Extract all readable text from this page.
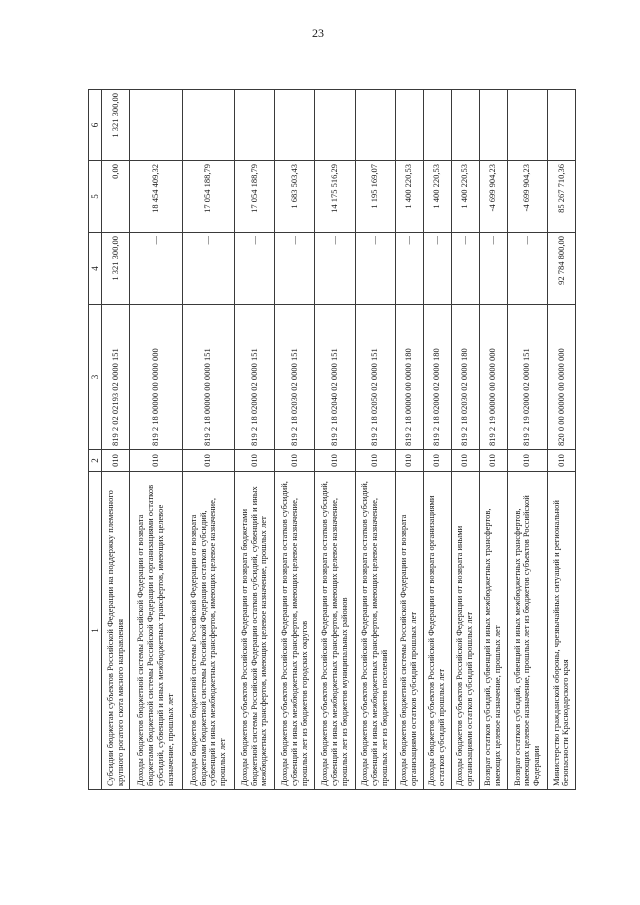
23
1	2	3	4	5	6
Субсидии бюджетам субъектов Российской Федерации на поддержку племенного крупного рогатого скота мясного направления	010	819 2 02 02193 02 0000 151	1 321 300,00	0,00	1 321 300,00
Доходы бюджетов бюджетной системы Российской Федерации от возврата бюджетами бюджетной системы Российской Федерации и организациями остатков субсидий, субвенций и иных межбюджетных трансфертов, имеющих целевое назначение, прошлых лет	010	819 2 18 00000 00 0000 000	—	18 454 409,32	
Доходы бюджетов бюджетной системы Российской Федерации от возврата бюджетами бюджетной системы Российской Федерации остатков субсидий, субвенций и иных межбюджетных трансфертов, имеющих целевое назначение, прошлых лет	010	819 2 18 00000 00 0000 151	—	17 054 188,79	
Доходы бюджетов субъектов Российской Федерации от возврата бюджетами бюджетной системы Российской Федерации остатков субсидий, субвенций и иных межбюджетных трансфертов, имеющих целевое назначение, прошлых лет	010	819 2 18 02000 02 0000 151	—	17 054 188,79	
Доходы бюджетов субъектов Российской Федерации от возврата остатков субсидий, субвенций и иных межбюджетных трансфертов, имеющих целевое назначение, прошлых лет из бюджетов городских округов	010	819 2 18 02030 02 0000 151	—	1 683 503,43	
Доходы бюджетов субъектов Российской Федерации от возврата остатков субсидий, субвенций и иных межбюджетных трансфертов, имеющих целевое назначение, прошлых лет из бюджетов муниципальных районов	010	819 2 18 02040 02 0000 151	—	14 175 516,29	
Доходы бюджетов субъектов Российской Федерации от возврата остатков субсидий, субвенций и иных межбюджетных трансфертов, имеющих целевое назначение, прошлых лет из бюджетов поселений	010	819 2 18 02050 02 0000 151	—	1 195 169,07	
Доходы бюджетов бюджетной системы Российской Федерации от возврата организациями остатков субсидий прошлых лет	010	819 2 18 00000 00 0000 180	—	1 400 220,53	
Доходы бюджетов субъектов Российской Федерации от возврата организациями остатков субсидий прошлых лет	010	819 2 18 02000 02 0000 180	—	1 400 220,53	
Доходы бюджетов субъектов Российской Федерации от возврата иными организациями остатков субсидий прошлых лет	010	819 2 18 02030 02 0000 180	—	1 400 220,53	
Возврат остатков субсидий, субвенций и иных межбюджетных трансфертов, имеющих целевое назначение, прошлых лет	010	819 2 19 00000 00 0000 000	—	-4 699 904,23	
Возврат остатков субсидий, субвенций и иных межбюджетных трансфертов, имеющих целевое назначение, прошлых лет из бюджетов субъектов Российской Федерации	010	819 2 19 02000 02 0000 151	—	-4 699 904,23	
Министерство гражданской обороны, чрезвычайных ситуаций и региональной безопасности Краснодарского края	010	820 0 00 00000 00 0000 000	92 784 800,00	85 267 710,36	
